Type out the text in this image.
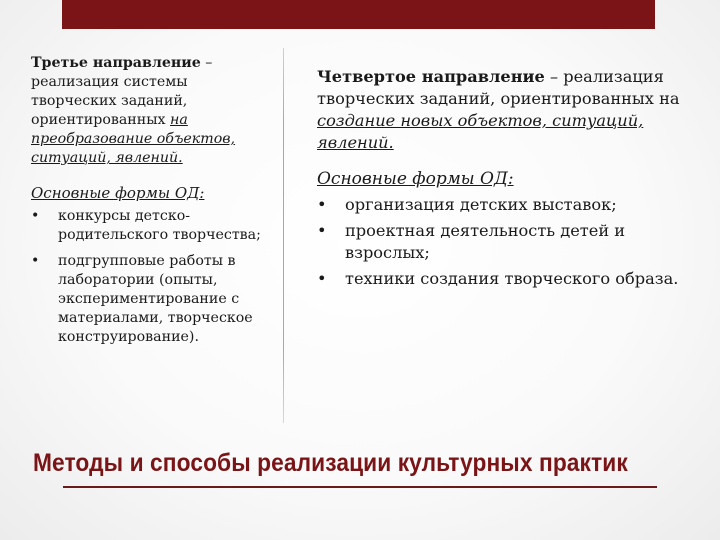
Третье направление – реализация системы творческих заданий, ориентированных на преобразование объектов, ситуаций, явлений.

Основные формы ОД:

• конкурсы детско-родительского творчества;
• подгрупповые работы в лаборатории (опыты, экспериментирование с материалами, творческое конструирование).

Четвертое направление – реализация творческих заданий, ориентированных на создание новых объектов, ситуаций, явлений.

Основные формы ОД:

• организация детских выставок;
• проектная деятельность детей и взрослых;
• техники создания творческого образа.
Методы и способы реализации культурных практик
